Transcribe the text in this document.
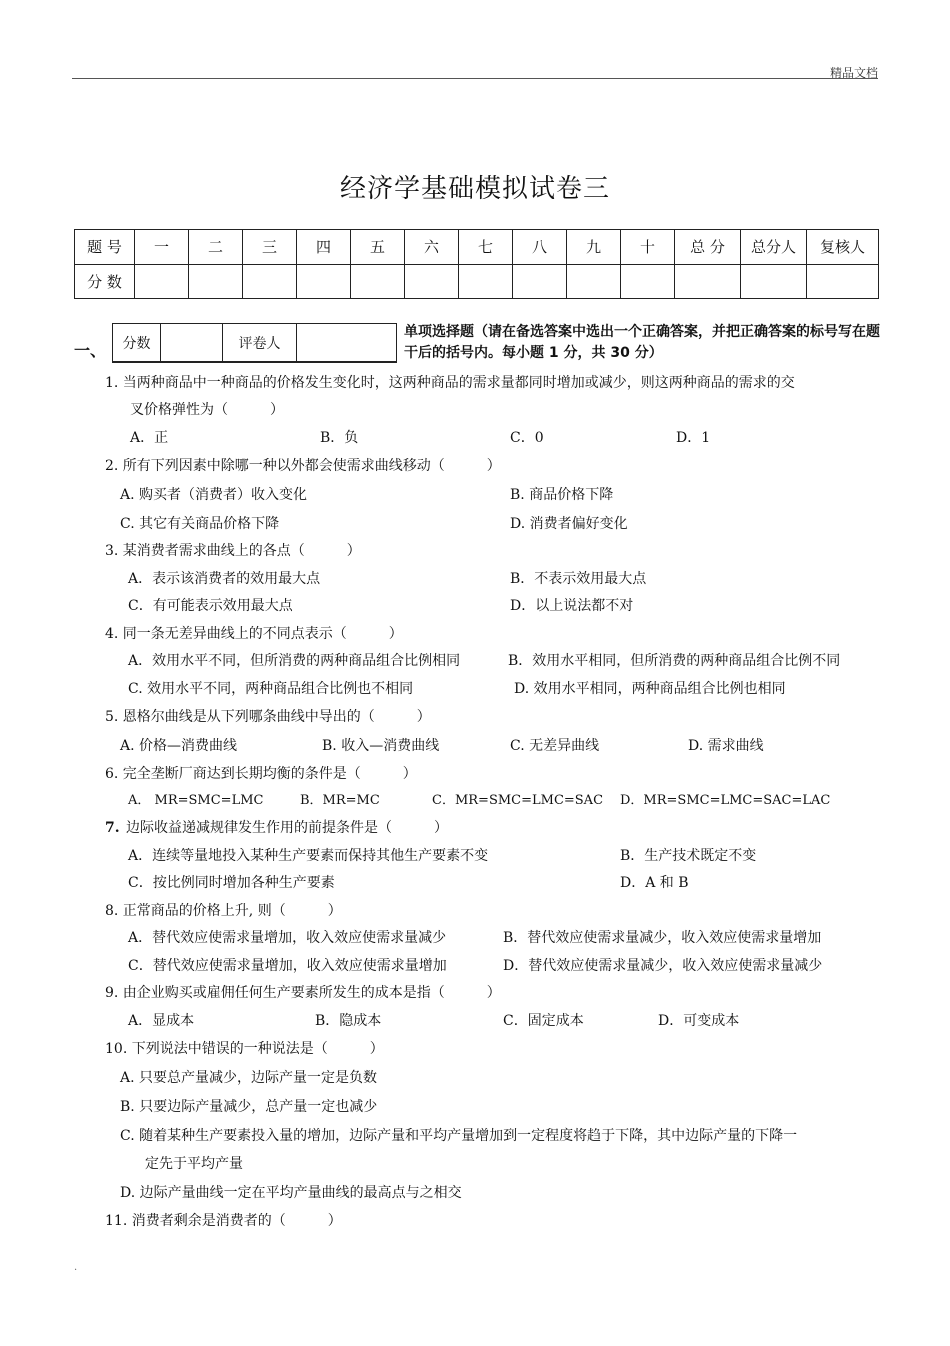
精品文档
经济学基础模拟试卷三
题 号	一	二	三	四	五	六	七	八	九	十	总 分	总分人	复核人
分 数													
一、 分数		评卷人	
单项选择题（请在备选答案中选出一个正确答案，并把正确答案的标号写在题干后的括号内。每小题 1 分，共 30 分）
1. 当两种商品中一种商品的价格发生变化时，这两种商品的需求量都同时增加或减少，则这两种商品的需求的交
叉价格弹性为（　　　）
A．正	B．负	C．0	D．1
2. 所有下列因素中除哪一种以外都会使需求曲线移动（　　　）
A. 购买者（消费者）收入变化	B. 商品价格下降
C. 其它有关商品价格下降	D. 消费者偏好变化
3. 某消费者需求曲线上的各点（　　　）
A．表示该消费者的效用最大点	B．不表示效用最大点
C．有可能表示效用最大点	D．以上说法都不对
4. 同一条无差异曲线上的不同点表示（　　　）
A．效用水平不同，但所消费的两种商品组合比例相同	B．效用水平相同，但所消费的两种商品组合比例不同
C. 效用水平不同，两种商品组合比例也不相同	D. 效用水平相同，两种商品组合比例也相同
5. 恩格尔曲线是从下列哪条曲线中导出的（　　　）
A. 价格—消费曲线	B. 收入—消费曲线	C. 无差异曲线	D. 需求曲线
6. 完全垄断厂商达到长期均衡的条件是（　　　）
A． MR=SMC=LMC	B．MR=MC	C．MR=SMC=LMC=SAC D．MR=SMC=LMC=SAC=LAC
7. 边际收益递减规律发生作用的前提条件是（　　　）
A．连续等量地投入某种生产要素而保持其他生产要素不变	B．生产技术既定不变
C．按比例同时增加各种生产要素	D．A 和 B
8. 正常商品的价格上升, 则（　　　）
A．替代效应使需求量增加，收入效应使需求量减少	B．替代效应使需求量减少，收入效应使需求量增加
C．替代效应使需求量增加，收入效应使需求量增加	D．替代效应使需求量减少，收入效应使需求量减少
9. 由企业购买或雇佣任何生产要素所发生的成本是指（　　　）
A．显成本	B．隐成本	C．固定成本	D．可变成本
10. 下列说法中错误的一种说法是（　　　）
A. 只要总产量减少，边际产量一定是负数
B. 只要边际产量减少，总产量一定也减少
C. 随着某种生产要素投入量的增加，边际产量和平均产量增加到一定程度将趋于下降，其中边际产量的下降一
定先于平均产量
D. 边际产量曲线一定在平均产量曲线的最高点与之相交
11. 消费者剩余是消费者的（　　　）
.
